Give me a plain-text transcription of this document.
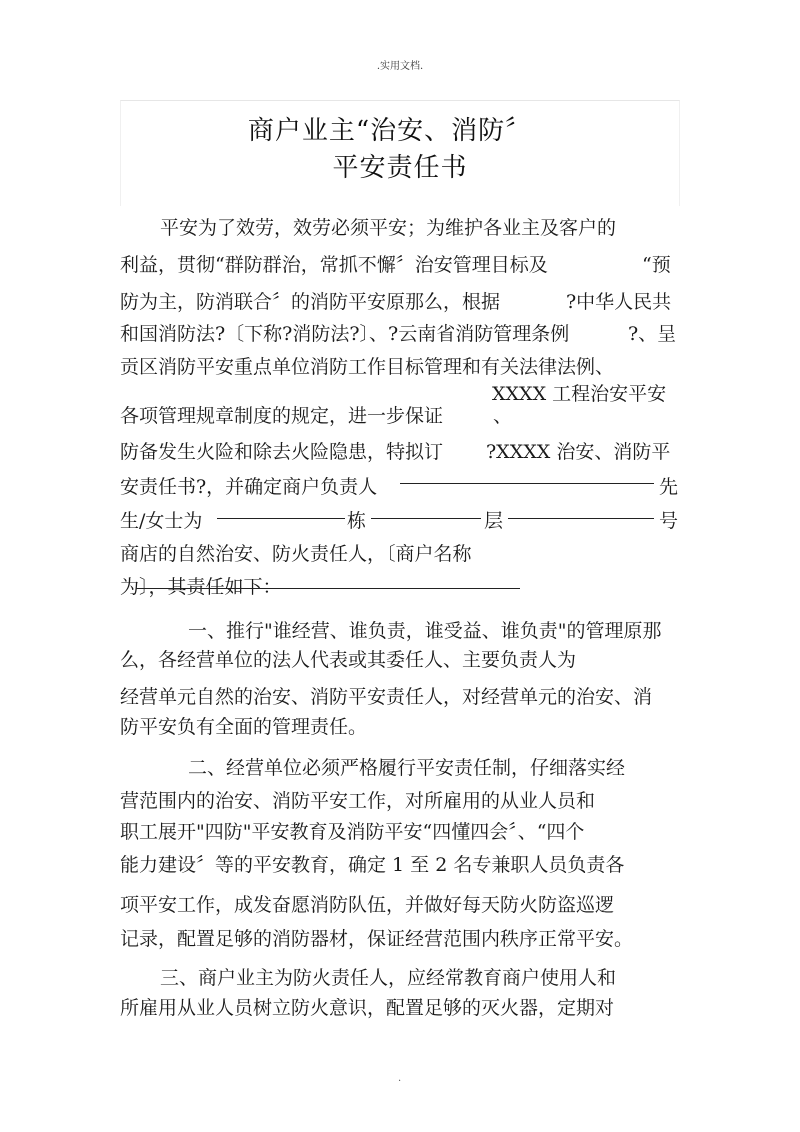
.实用文档.
商户业主“治安、消防〞
平安责任书
平安为了效劳，效劳必须平安；为维护各业主及客户的
利益，贯彻“群防群治，常抓不懈〞治安管理目标及	“预
防为主，防消联合〞的消防平安原那么，根据	?中华人民共
和国消防法?〔下称?消防法?〕、?云南省消防管理条例	?、呈
贡区消防平安重点单位消防工作目标管理和有关法律法例、
XXXX 工程治安平安
各项管理规章制度的规定，进一步保证	、
防备发生火险和除去火险隐患，特拟订 ?XXXX 治安、消防平
安责任书?，并确定商户负责人	先
生/女士为	栋	层	号
商店的自然治安、防火责任人，〔商户名称
为〕，其责任如下：
一、推行"谁经营、谁负责，谁受益、谁负责"的管理原那
么，各经营单位的法人代表或其委任人、主要负责人为
经营单元自然的治安、消防平安责任人，对经营单元的治安、消
防平安负有全面的管理责任。
二、经营单位必须严格履行平安责任制，仔细落实经
营范围内的治安、消防平安工作，对所雇用的从业人员和
职工展开"四防"平安教育及消防平安“四懂四会〞、“四个
能力建设〞等的平安教育，确定 1 至 2 名专兼职人员负责各
项平安工作，成发奋愿消防队伍，并做好每天防火防盗巡逻
记录，配置足够的消防器材，保证经营范围内秩序正常平安。
三、商户业主为防火责任人，应经常教育商户使用人和
所雇用从业人员树立防火意识，配置足够的灭火器，定期对
.
